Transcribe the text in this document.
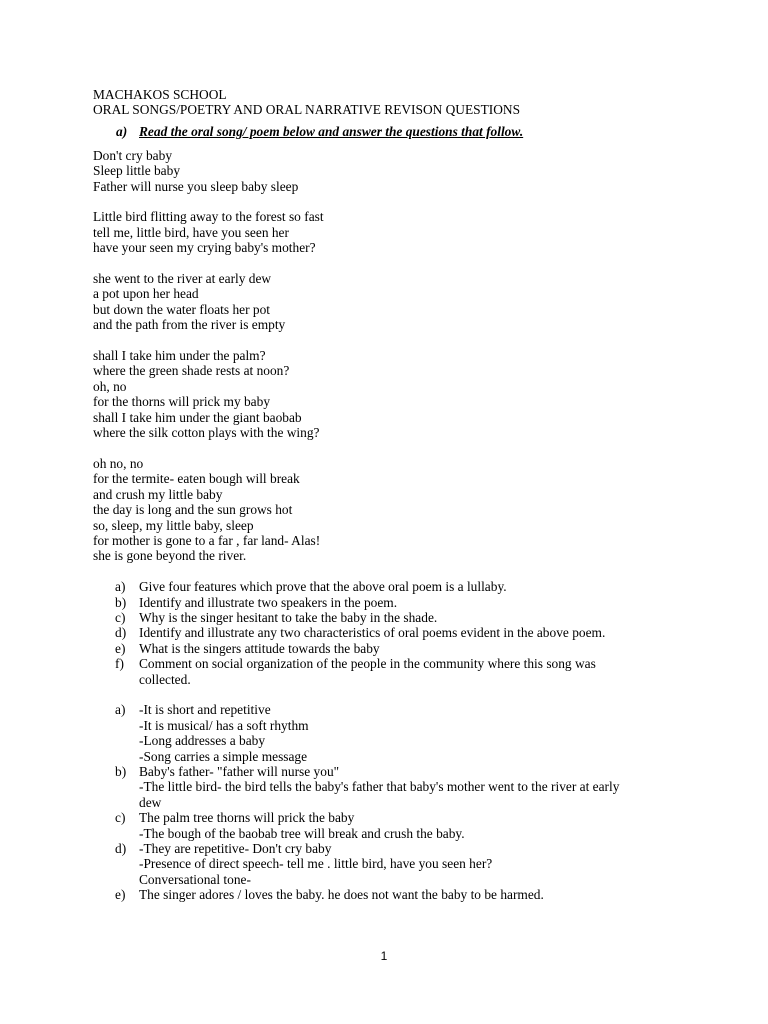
MACHAKOS SCHOOL
ORAL SONGS/POETRY AND ORAL NARRATIVE REVISON QUESTIONS
a) Read the oral song/ poem below and answer the questions that follow.
Don't cry baby
Sleep little baby
Father will nurse you sleep baby sleep
Little bird flitting away to the forest so fast
tell me, little bird, have you seen her
have your seen my crying baby's mother?
she went to the river at early dew
a pot upon her head
but down the water floats her pot
and the path from the river is empty
shall I take him under the palm?
where the green shade rests at noon?
oh, no
for the thorns will prick my baby
shall I take him under the giant baobab
where the silk cotton plays with the wing?
oh no, no
for the termite- eaten bough will break
and crush my little baby
the day is long and the sun grows hot
so, sleep, my little baby, sleep
for mother is gone to a far , far land- Alas!
she is gone beyond the river.
a)	Give four features which prove that the above oral poem is a lullaby.
b) Identify and illustrate two speakers in the poem.
c)	Why is the singer hesitant to take the baby in the shade.
d) Identify and illustrate any two characteristics of oral poems evident in the above poem.
e)	What is the singers attitude towards the baby
f)	Comment on social organization of the people in the community where this song was
collected.
a)	-It is short and repetitive
-It is musical/ has a soft rhythm
-Long addresses a baby
-Song carries a simple message
b) Baby's father- "father will nurse you"
-The little bird- the bird tells the baby's father that baby's mother went to the river at early
dew
c)	The palm tree thorns will prick the baby
-The bough of the baobab tree will break and crush the baby.
d) -They are repetitive- Don't cry baby
-Presence of direct speech- tell me . little bird, have you seen her?
Conversational tone-
e)	The singer adores / loves the baby. he does not want the baby to be harmed.
1
